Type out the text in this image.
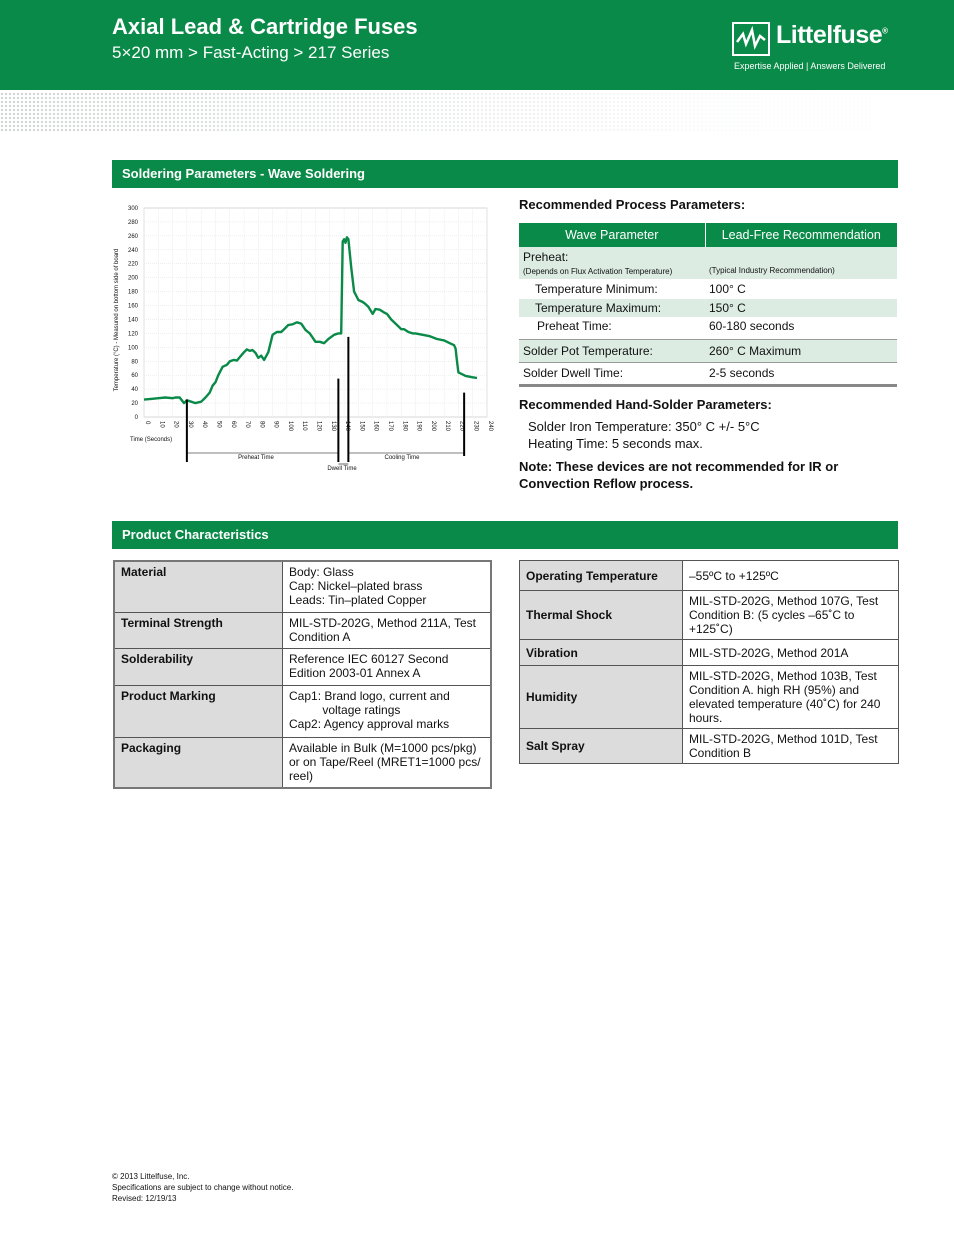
Axial Lead & Cartridge Fuses
5×20 mm > Fast-Acting > 217 Series
Littelfuse®
Expertise Applied | Answers Delivered
Soldering Parameters - Wave Soldering
0
20
40
60
80
100
120
140
160
180
200
220
240
260
280
300
0 10 20 30 40 50 60 70 80 90 100 110 120 130 140 150 160 170 180 190 200 210 220 230 240
Temperature (°C) - Measured on bottom side of board
Time (Seconds)
Preheat Time
Dwell Time
Cooling Time
Recommended Process Parameters:
Wave Parameter	Lead-Free Recommendation
Preheat:
(Depends on Flux Activation Temperature)	(Typical Industry Recommendation)
Temperature Minimum:	100° C
Temperature Maximum:	150° C
Preheat Time:	60-180 seconds
Solder Pot Temperature:	260° C Maximum
Solder Dwell Time:	2-5 seconds
Recommended Hand-Solder Parameters:
Solder Iron Temperature: 350° C +/- 5°C
Heating Time: 5 seconds max.
Note: These devices are not recommended for IR or Convection Reflow process.
Product Characteristics
Material	Body: Glass
Cap: Nickel–plated brass
Leads: Tin–plated Copper
Terminal Strength	MIL-STD-202G, Method 211A, Test Condition A
Solderability	Reference IEC 60127 Second Edition 2003-01 Annex A
Product Marking	Cap1: Brand logo, current and
voltage ratings
Cap2: Agency approval marks
Packaging	Available in Bulk (M=1000 pcs/pkg) or on Tape/Reel (MRET1=1000 pcs/ reel)
Operating Temperature	–55ºC to +125ºC
Thermal Shock	MIL-STD-202G, Method 107G, Test Condition B: (5 cycles –65˚C to +125˚C)
Vibration	MIL-STD-202G, Method 201A
Humidity	MIL-STD-202G, Method 103B, Test Condition A. high RH (95%) and elevated temperature (40˚C) for 240 hours.
Salt Spray	MIL-STD-202G, Method 101D, Test Condition B
© 2013 Littelfuse, Inc.
Specifications are subject to change without notice.
Revised: 12/19/13
